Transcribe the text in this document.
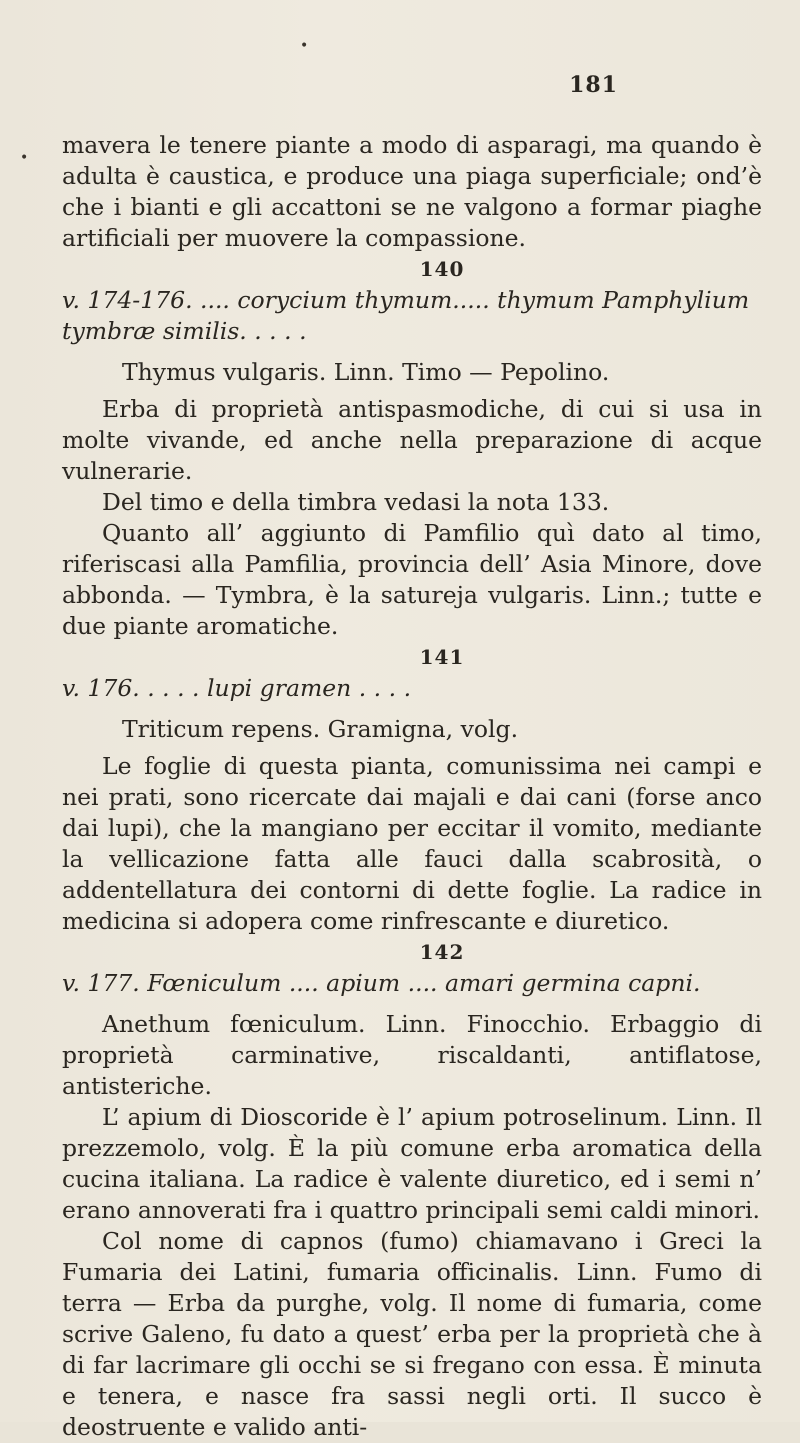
•
•
181

mavera le tenere piante a modo di asparagi, ma quando è adulta è caustica, e produce una piaga superficiale; ond’è che i bianti e gli accattoni se ne valgono a formar piaghe artificiali per muovere la compassione.

140

v. 174-176. .... corycium thymum..... thymum Pamphylium tymbræ similis. . . . .

Thymus vulgaris. Linn. Timo — Pepolino.

Erba di proprietà antispasmodiche, di cui si usa in molte vivande, ed anche nella preparazione di acque vulnerarie.

Del timo e della timbra vedasi la nota 133.

Quanto all’ aggiunto di Pamfilio quì dato al timo, riferiscasi alla Pamfilia, provincia dell’ Asia Minore, dove abbonda. — Tymbra, è la satureja vulgaris. Linn.; tutte e due piante aromatiche.

141

v. 176. . . . . lupi gramen . . . .

Triticum repens. Gramigna, volg.

Le foglie di questa pianta, comunissima nei campi e nei prati, sono ricercate dai majali e dai cani (forse anco dai lupi), che la mangiano per eccitar il vomito, mediante la vellicazione fatta alle fauci dalla scabrosità, o addentellatura dei contorni di dette foglie. La radice in medicina si adopera come rinfrescante e diuretico.

142

v. 177. Fœniculum .... apium .... amari germina capni.

Anethum fœniculum. Linn. Finocchio. Erbaggio di proprietà carminative, riscaldanti, antiflatose, antisteriche.

L’ apium di Dioscoride è l’ apium potroselinum. Linn. Il prezzemolo, volg. È la più comune erba aromatica della cucina italiana. La radice è valente diuretico, ed i semi n’ erano annoverati fra i quattro principali semi caldi minori.

Col nome di capnos (fumo) chiamavano i Greci la Fumaria dei Latini, fumaria officinalis. Linn. Fumo di terra — Erba da purghe, volg. Il nome di fumaria, come scrive Galeno, fu dato a quest’ erba per la proprietà che à di far lacrimare gli occhi se si fregano con essa. È minuta e tenera, e nasce fra sassi negli orti. Il succo è deostruente e valido anti-
